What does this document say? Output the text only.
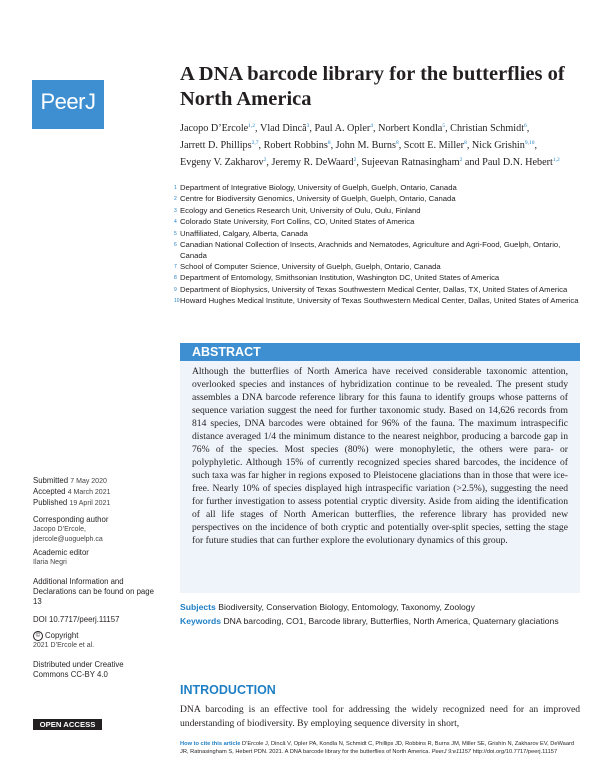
PeerJ
A DNA barcode library for the butterflies of North America
Jacopo D’Ercole$^{1,2}$, Vlad Dincă$^3$, Paul A. Opler$^4$, Norbert Kondla$^5$, Christian Schmidt$^6$, Jarrett D. Phillips$^{2,7}$, Robert Robbins$^8$, John M. Burns$^8$, Scott E. Miller$^8$, Nick Grishin$^{9,10}$, Evgeny V. Zakharov$^2$, Jeremy R. DeWaard$^2$, Sujeevan Ratnasingham$^2$ and Paul D.N. Hebert$^{1,2}$
1 Department of Integrative Biology, University of Guelph, Guelph, Ontario, Canada
2 Centre for Biodiversity Genomics, University of Guelph, Guelph, Ontario, Canada
3 Ecology and Genetics Research Unit, University of Oulu, Oulu, Finland
4 Colorado State University, Fort Collins, CO, United States of America
5 Unaffiliated, Calgary, Alberta, Canada
6 Canadian National Collection of Insects, Arachnids and Nematodes, Agriculture and Agri-Food, Guelph, Ontario, Canada
7 School of Computer Science, University of Guelph, Guelph, Ontario, Canada
8 Department of Entomology, Smithsonian Institution, Washington DC, United States of America
9 Department of Biophysics, University of Texas Southwestern Medical Center, Dallas, TX, United States of America
10 Howard Hughes Medical Institute, University of Texas Southwestern Medical Center, Dallas, United States of America
ABSTRACT

Although the butterflies of North America have received considerable taxonomic attention, overlooked species and instances of hybridization continue to be revealed. The present study assembles a DNA barcode reference library for this fauna to identify groups whose patterns of sequence variation suggest the need for further taxonomic study. Based on 14,626 records from 814 species, DNA barcodes were obtained for 96% of the fauna. The maximum intraspecific distance averaged 1/4 the minimum distance to the nearest neighbor, producing a barcode gap in 76% of the species. Most species (80%) were monophyletic, the others were para- or polyphyletic. Although 15% of currently recognized species shared barcodes, the incidence of such taxa was far higher in regions exposed to Pleistocene glaciations than in those that were ice-free. Nearly 10% of species displayed high intraspecific variation (>2.5%), suggesting the need for further investigation to assess potential cryptic diversity. Aside from aiding the identification of all life stages of North American butterflies, the reference library has provided new perspectives on the incidence of both cryptic and potentially over-split species, setting the stage for future studies that can further explore the evolutionary dynamics of this group.

Subjects Biodiversity, Conservation Biology, Entomology, Taxonomy, Zoology
Keywords DNA barcoding, CO1, Barcode library, Butterflies, North America, Quaternary glaciations
Submitted 7 May 2020
Accepted 4 March 2021
Published 19 April 2021
Corresponding author
Jacopo D’Ercole,
jdercole@uoguelph.ca
Academic editor
Ilaria Negri
Additional Information and Declarations can be found on page 13
DOI 10.7717/peerj.11157
© Copyright
2021 D’Ercole et al.
Distributed under Creative Commons CC-BY 4.0
OPEN ACCESS
INTRODUCTION

DNA barcoding is an effective tool for addressing the widely recognized need for an improved understanding of biodiversity. By employing sequence diversity in short,

How to cite this article D’Ercole J, Dincă V, Opler PA, Kondla N, Schmidt C, Phillips JD, Robbins R, Burns JM, Miller SE, Grishin N, Zakharov EV, DeWaard JR, Ratnasingham S, Hebert PDN. 2021. A DNA barcode library for the butterflies of North America. PeerJ 9:e11157 http://doi.org/10.7717/peerj.11157
